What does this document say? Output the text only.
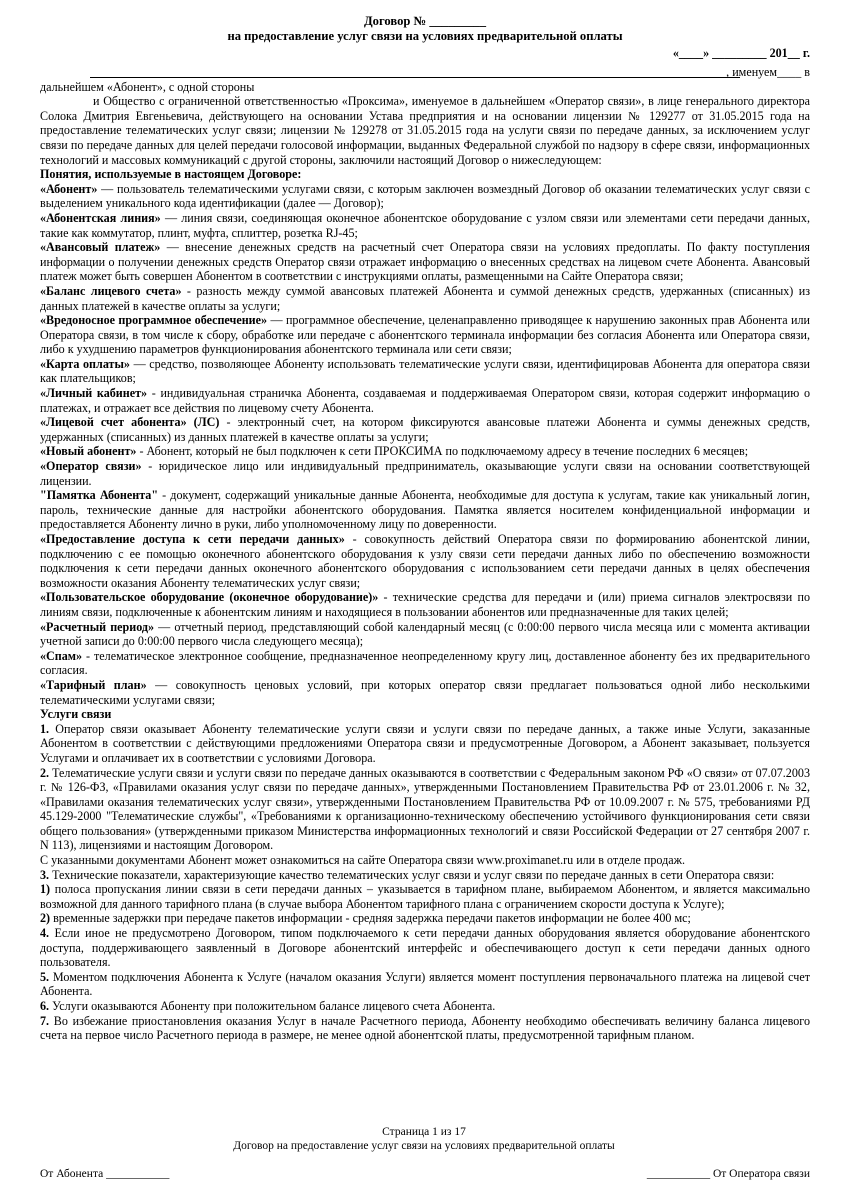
Договор № _________
на предоставление услуг связи на условиях предварительной оплаты
«____» _________ 201__ г.
, именуем____ в

дальнейшем «Абонент», с одной стороны

и Общество с ограниченной ответственностью «Проксима», именуемое в дальнейшем «Оператор связи», в лице генерального директора Солока Дмитрия Евгеньевича, действующего на основании Устава предприятия и на основании лицензии № 129277 от 31.05.2015 года на предоставление телематических услуг связи; лицензии № 129278 от 31.05.2015 года на услуги связи по передаче данных, за исключением услуг связи по передаче данных для целей передачи голосовой информации, выданных Федеральной службой по надзору в сфере связи, информационных технологий и массовых коммуникаций с другой стороны, заключили настоящий Договор о нижеследующем:

Понятия, используемые в настоящем Договоре:

«Абонент» — пользователь телематическими услугами связи, с которым заключен возмездный Договор об оказании телематических услуг связи с выделением уникального кода идентификации (далее — Договор);

«Абонентская линия» — линия связи, соединяющая оконечное абонентское оборудование с узлом связи или элементами сети передачи данных, такие как коммутатор, плинт, муфта, сплиттер, розетка RJ-45;

«Авансовый платеж» — внесение денежных средств на расчетный счет Оператора связи на условиях предоплаты. По факту поступления информации о получении денежных средств Оператор связи отражает информацию о внесенных средствах на лицевом счете Абонента. Авансовый платеж может быть совершен Абонентом в соответствии с инструкциями оплаты, размещенными на Сайте Оператора связи;

«Баланс лицевого счета» - разность между суммой авансовых платежей Абонента и суммой денежных средств, удержанных (списанных) из данных платежей в качестве оплаты за услуги;

«Вредоносное программное обеспечение» — программное обеспечение, целенаправленно приводящее к нарушению законных прав Абонента или Оператора связи, в том числе к сбору, обработке или передаче с абонентского терминала информации без согласия Абонента или Оператора связи, либо к ухудшению параметров функционирования абонентского терминала или сети связи;

«Карта оплаты» — средство, позволяющее Абоненту использовать телематические услуги связи, идентифицировав Абонента для оператора связи как плательщиков;

«Личный кабинет» - индивидуальная страничка Абонента, создаваемая и поддерживаемая Оператором связи, которая содержит информацию о платежах, и отражает все действия по лицевому счету Абонента.

«Лицевой счет абонента» (ЛС) - электронный счет, на котором фиксируются авансовые платежи Абонента и суммы денежных средств, удержанных (списанных) из данных платежей в качестве оплаты за услуги;

«Новый абонент» - Абонент, который не был подключен к сети ПРОКСИМА по подключаемому адресу в течение последних 6 месяцев;

«Оператор связи» - юридическое лицо или индивидуальный предприниматель, оказывающие услуги связи на основании соответствующей лицензии.

"Памятка Абонента" - документ, содержащий уникальные данные Абонента, необходимые для доступа к услугам, такие как уникальный логин, пароль, технические данные для настройки абонентского оборудования. Памятка является носителем конфиденциальной информации и предоставляется Абоненту лично в руки, либо уполномоченному лицу по доверенности.

«Предоставление доступа к сети передачи данных» - совокупность действий Оператора связи по формированию абонентской линии, подключению с ее помощью оконечного абонентского оборудования к узлу связи сети передачи данных либо по обеспечению возможности подключения к сети передачи данных оконечного абонентского оборудования с использованием сети передачи данных в целях обеспечения возможности оказания Абоненту телематических услуг связи;

«Пользовательское оборудование (оконечное оборудование)» - технические средства для передачи и (или) приема сигналов электросвязи по линиям связи, подключенные к абонентским линиям и находящиеся в пользовании абонентов или предназначенные для таких целей;

«Расчетный период» — отчетный период, представляющий собой календарный месяц (с 0:00:00 первого числа месяца или с момента активации учетной записи до 0:00:00 первого числа следующего месяца);

«Спам» - телематическое электронное сообщение, предназначенное неопределенному кругу лиц, доставленное абоненту без их предварительного согласия.

«Тарифный план» — совокупность ценовых условий, при которых оператор связи предлагает пользоваться одной либо несколькими телематическими услугами связи;

Услуги связи

1. Оператор связи оказывает Абоненту телематические услуги связи и услуги связи по передаче данных, а также иные Услуги, заказанные Абонентом в соответствии с действующими предложениями Оператора связи и предусмотренные Договором, а Абонент заказывает, пользуется Услугами и оплачивает их в соответствии с условиями Договора.

2. Телематические услуги связи и услуги связи по передаче данных оказываются в соответствии с Федеральным законом РФ «О связи» от 07.07.2003 г. № 126-ФЗ, «Правилами оказания услуг связи по передаче данных», утвержденными Постановлением Правительства РФ от 23.01.2006 г. № 32, «Правилами оказания телематических услуг связи», утвержденными Постановлением Правительства РФ от 10.09.2007 г. № 575, требованиями РД 45.129-2000 "Телематические службы", «Требованиями к организационно-техническому обеспечению устойчивого функционирования сети связи общего пользования» (утвержденными приказом Министерства информационных технологий и связи Российской Федерации от 27 сентября 2007 г. N 113), лицензиями и настоящим Договором.

С указанными документами Абонент может ознакомиться на сайте Оператора связи www.proximanet.ru или в отделе продаж.

3. Технические показатели, характеризующие качество телематических услуг связи и услуг связи по передаче данных в сети Оператора связи:

1) полоса пропускания линии связи в сети передачи данных – указывается в тарифном плане, выбираемом Абонентом, и является максимально возможной для данного тарифного плана (в случае выбора Абонентом тарифного плана с ограничением скорости доступа к Услуге);

2) временные задержки при передаче пакетов информации - средняя задержка передачи пакетов информации не более 400 мс;

4. Если иное не предусмотрено Договором, типом подключаемого к сети передачи данных оборудования является оборудование абонентского доступа, поддерживающего заявленный в Договоре абонентский интерфейс и обеспечивающего доступ к сети передачи данных одного пользователя.

5. Моментом подключения Абонента к Услуге (началом оказания Услуги) является момент поступления первоначального платежа на лицевой счет Абонента.

6. Услуги оказываются Абоненту при положительном балансе лицевого счета Абонента.

7. Во избежание приостановления оказания Услуг в начале Расчетного периода, Абоненту необходимо обеспечивать величину баланса лицевого счета на первое число Расчетного периода в размере, не менее одной абонентской платы, предусмотренной тарифным планом.

Страница 1 из 17
Договор на предоставление услуг связи на условиях предварительной оплаты
От Абонента ___________	___________ От Оператора связи
